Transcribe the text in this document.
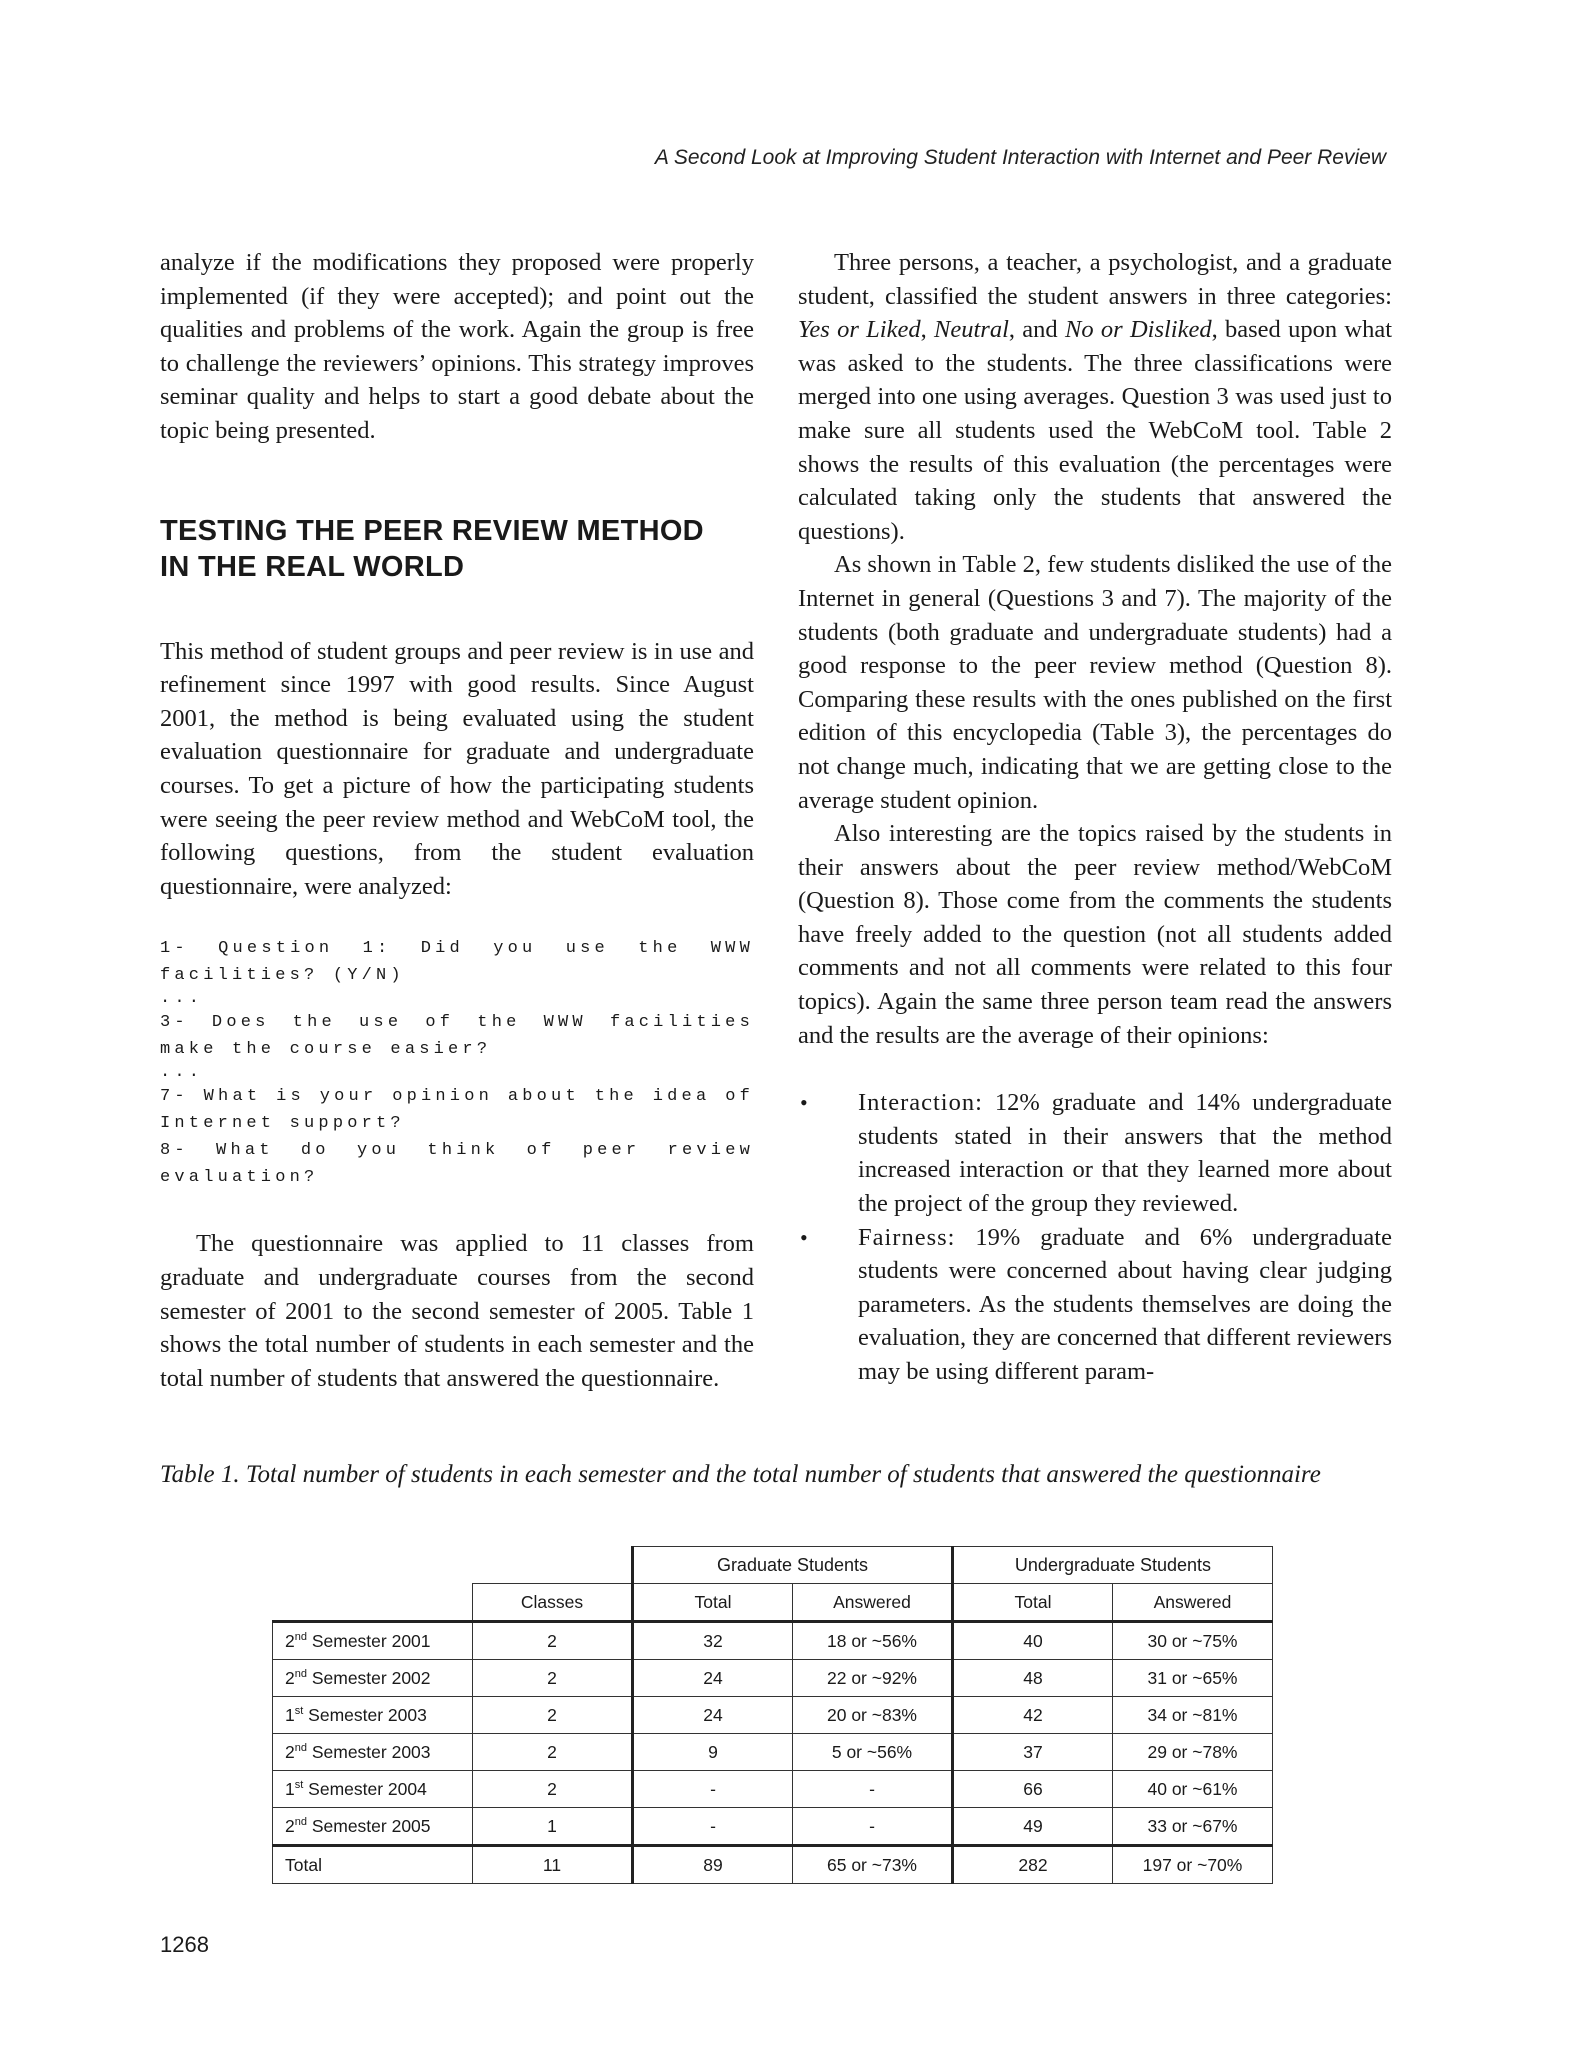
A Second Look at Improving Student Interaction with Internet and Peer Review

analyze if the modifications they proposed were properly implemented (if they were accepted); and point out the qualities and problems of the work. Again the group is free to challenge the reviewers’ opinions. This strategy improves seminar quality and helps to start a good debate about the topic being presented.

TESTING THE PEER REVIEW METHOD IN THE REAL WORLD

This method of student groups and peer review is in use and refinement since 1997 with good results. Since August 2001, the method is being evaluated using the student evaluation questionnaire for graduate and undergraduate courses. To get a picture of how the participating students were seeing the peer review method and WebCoM tool, the following questions, from the student evaluation questionnaire, were analyzed:

1- Question 1: Did you use the WWW facilities? (Y/N)

...

3- Does the use of the WWW facilities make the course easier?

...

7- What is your opinion about the idea of Internet support?

8- What do you think of peer review evaluation?

The questionnaire was applied to 11 classes from graduate and undergraduate courses from the second semester of 2001 to the second semester of 2005. Table 1 shows the total number of students in each semester and the total number of students that answered the questionnaire.

Three persons, a teacher, a psychologist, and a graduate student, classified the student answers in three categories: Yes or Liked, Neutral, and No or Disliked, based upon what was asked to the students. The three classifications were merged into one using averages. Question 3 was used just to make sure all students used the WebCoM tool. Table 2 shows the results of this evaluation (the percentages were calculated taking only the students that answered the questions).

As shown in Table 2, few students disliked the use of the Internet in general (Questions 3 and 7). The majority of the students (both graduate and undergraduate students) had a good response to the peer review method (Question 8). Comparing these results with the ones published on the first edition of this encyclopedia (Table 3), the percentages do not change much, indicating that we are getting close to the average student opinion.

Also interesting are the topics raised by the students in their answers about the peer review method/WebCoM (Question 8). Those come from the comments the students have freely added to the question (not all students added comments and not all comments were related to this four topics). Again the same three person team read the answers and the results are the average of their opinions:

• Interaction: 12% graduate and 14% undergraduate students stated in their answers that the method increased interaction or that they learned more about the project of the group they reviewed.
• Fairness: 19% graduate and 6% undergraduate students were concerned about having clear judging parameters. As the students themselves are doing the evaluation, they are concerned that different reviewers may be using different param-

Table 1. Total number of students in each semester and the total number of students that answered the questionnaire

		Graduate Students		Undergraduate Students	
	Classes	Total	Answered	Total	Answered
2nd Semester 2001	2	32	18 or ~56%	40	30 or ~75%
2nd Semester 2002	2	24	22 or ~92%	48	31 or ~65%
1st Semester 2003	2	24	20 or ~83%	42	34 or ~81%
2nd Semester 2003	2	9	5 or ~56%	37	29 or ~78%
1st Semester 2004	2	-	-	66	40 or ~61%
2nd Semester 2005	1	-	-	49	33 or ~67%
Total	11	89	65 or ~73%	282	197 or ~70%
1268
